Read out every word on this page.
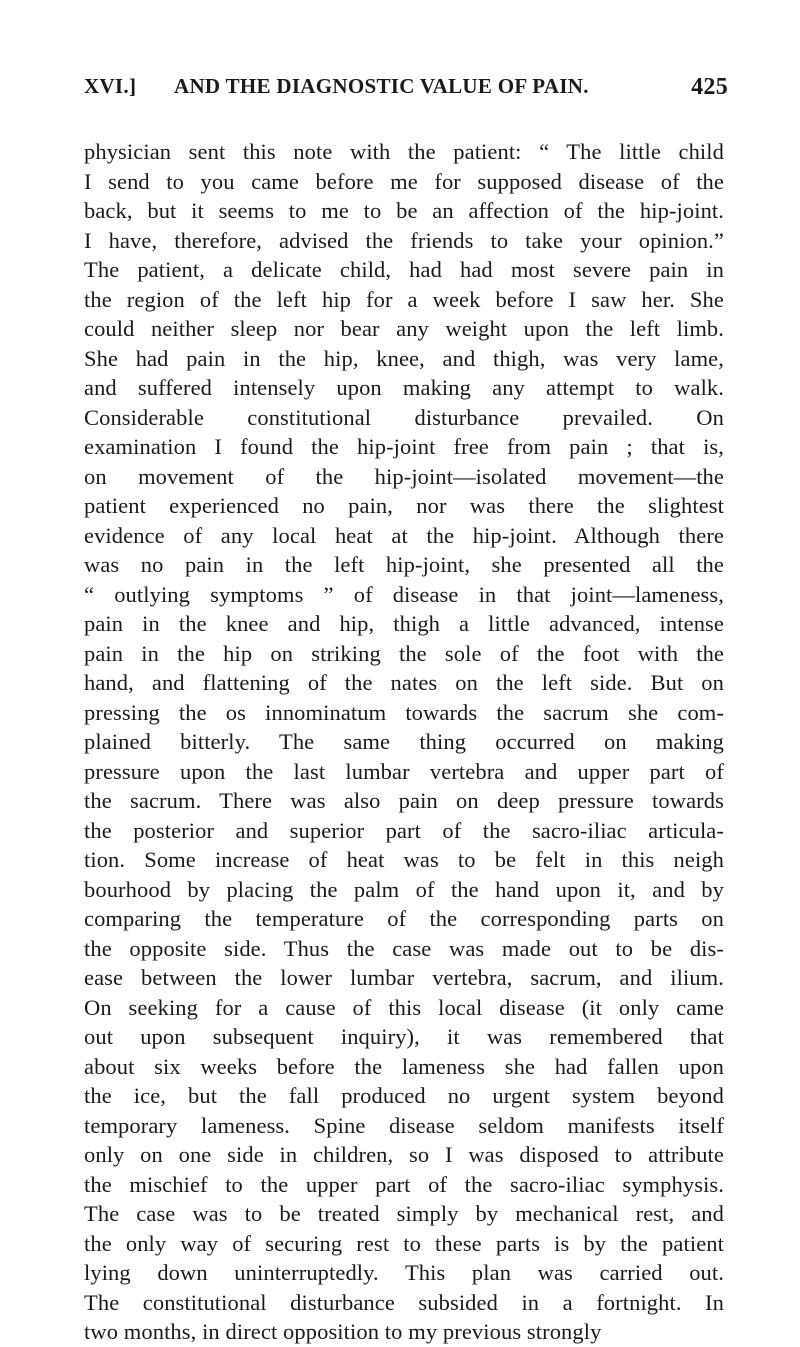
XVI.] AND THE DIAGNOSTIC VALUE OF PAIN.	425
physician sent this note with the patient: “ The little child
I send to you came before me for supposed disease of the
back, but it seems to me to be an affection of the hip-joint.
I have, therefore, advised the friends to take your opinion.”
The patient, a delicate child, had had most severe pain in
the region of the left hip for a week before I saw her. She
could neither sleep nor bear any weight upon the left limb.
She had pain in the hip, knee, and thigh, was very lame,
and suffered intensely upon making any attempt to walk.
Considerable constitutional disturbance prevailed. On
examination I found the hip-joint free from pain ; that is,
on movement of the hip-joint—isolated movement—the
patient experienced no pain, nor was there the slightest
evidence of any local heat at the hip-joint. Although there
was no pain in the left hip-joint, she presented all the
“ outlying symptoms ” of disease in that joint—lameness,
pain in the knee and hip, thigh a little advanced, intense
pain in the hip on striking the sole of the foot with the
hand, and flattening of the nates on the left side. But on
pressing the os innominatum towards the sacrum she com-
plained bitterly. The same thing occurred on making
pressure upon the last lumbar vertebra and upper part of
the sacrum. There was also pain on deep pressure towards
the posterior and superior part of the sacro-iliac articula-
tion. Some increase of heat was to be felt in this neigh
bourhood by placing the palm of the hand upon it, and by
comparing the temperature of the corresponding parts on
the opposite side. Thus the case was made out to be dis-
ease between the lower lumbar vertebra, sacrum, and ilium.
On seeking for a cause of this local disease (it only came
out upon subsequent inquiry), it was remembered that
about six weeks before the lameness she had fallen upon
the ice, but the fall produced no urgent system beyond
temporary lameness. Spine disease seldom manifests itself
only on one side in children, so I was disposed to attribute
the mischief to the upper part of the sacro-iliac symphysis.
The case was to be treated simply by mechanical rest, and
the only way of securing rest to these parts is by the patient
lying down uninterruptedly. This plan was carried out.
The constitutional disturbance subsided in a fortnight. In
two months, in direct opposition to my previous strongly
